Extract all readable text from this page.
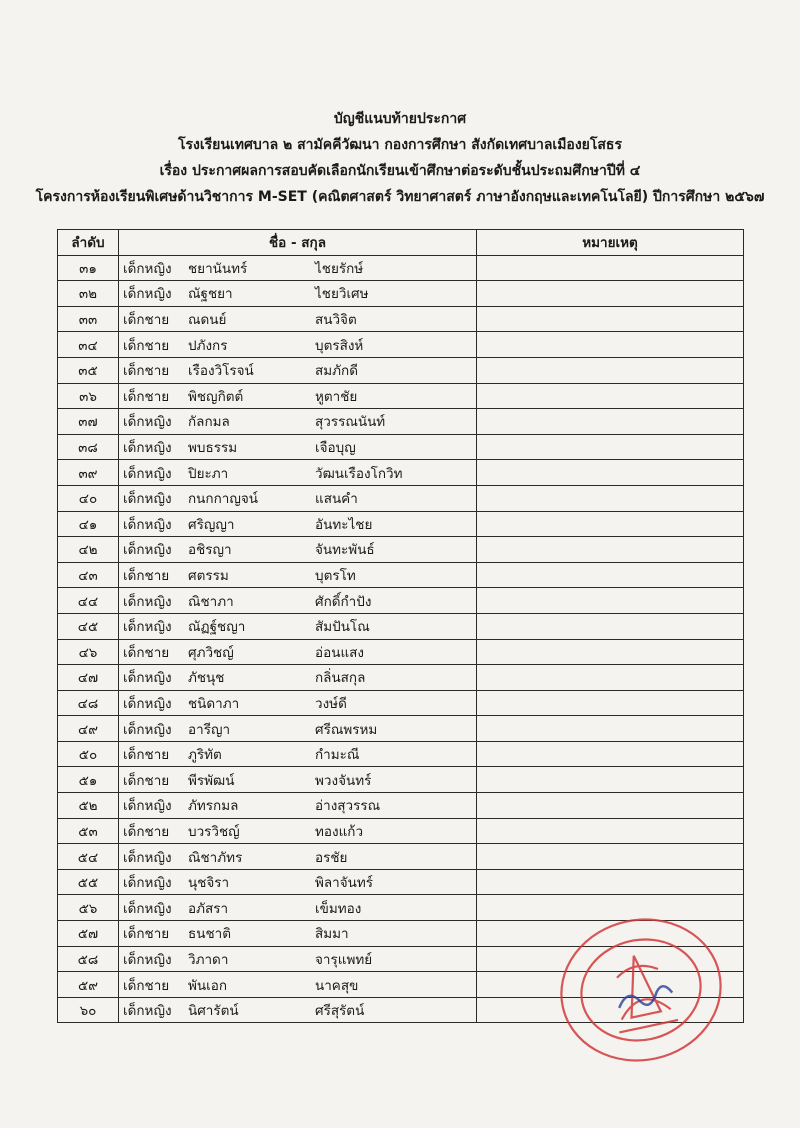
บัญชีแนบท้ายประกาศ
โรงเรียนเทศบาล ๒ สามัคคีวัฒนา กองการศึกษา สังกัดเทศบาลเมืองยโสธร
เรื่อง ประกาศผลการสอบคัดเลือกนักเรียนเข้าศึกษาต่อระดับชั้นประถมศึกษาปีที่ ๔
โครงการห้องเรียนพิเศษด้านวิชาการ M-SET (คณิตศาสตร์ วิทยาศาสตร์ ภาษาอังกฤษและเทคโนโลยี) ปีการศึกษา ๒๕๖๗
ลำดับ	ชื่อ - สกุล	หมายเหตุ
๓๑	เด็กหญิง ชยานันทร์ ไชยรักษ์	

๓๒	เด็กหญิง ณัฐชยา ไชยวิเศษ	

๓๓	เด็กชาย ณดนย์ สนวิจิต	

๓๔	เด็กชาย ปภังกร บุตรสิงห์	

๓๕	เด็กชาย เรืองวิโรจน์ สมภักดี	

๓๖	เด็กชาย พิชญกิตต์ หูตาชัย	

๓๗	เด็กหญิง กัลกมล สุวรรณนันท์	

๓๘	เด็กหญิง พบธรรม เจือบุญ	

๓๙	เด็กหญิง ปิยะภา วัฒนเรืองโกวิท	

๔๐	เด็กหญิง กนกกาญจน์ แสนคำ	

๔๑	เด็กหญิง ศริญญา อันทะไชย	

๔๒	เด็กหญิง อชิรญา จันทะพันธ์	

๔๓	เด็กชาย ศตรรม บุตรโท	

๔๔	เด็กหญิง ณิชาภา ศักดิ์กำปัง	

๔๕	เด็กหญิง ณัฏฐ์ชญา สัมปันโณ	

๔๖	เด็กชาย ศุภวิชญ์ อ่อนแสง	

๔๗	เด็กหญิง ภัชนุช กลิ่นสกุล	

๔๘	เด็กหญิง ชนิดาภา วงษ์ดี	

๔๙	เด็กหญิง อารีญา ศรีณพรหม	

๕๐	เด็กชาย ภูริทัต กำมะณี	

๕๑	เด็กชาย พีรพัฒน์ พวงจันทร์	

๕๒	เด็กหญิง ภัทรกมล อ่างสุวรรณ	

๕๓	เด็กชาย บวรวิชญ์ ทองแก้ว	

๕๔	เด็กหญิง ณิชาภัทร อรชัย	

๕๕	เด็กหญิง นุชจิรา พิลาจันทร์	

๕๖	เด็กหญิง อภัสรา เข็มทอง	

๕๗	เด็กชาย ธนชาติ สิมมา	

๕๘	เด็กหญิง วิภาดา จารุแพทย์	

๕๙	เด็กชาย พันเอก นาคสุข	

๖๐	เด็กหญิง นิศารัตน์ ศรีสุรัตน์	
